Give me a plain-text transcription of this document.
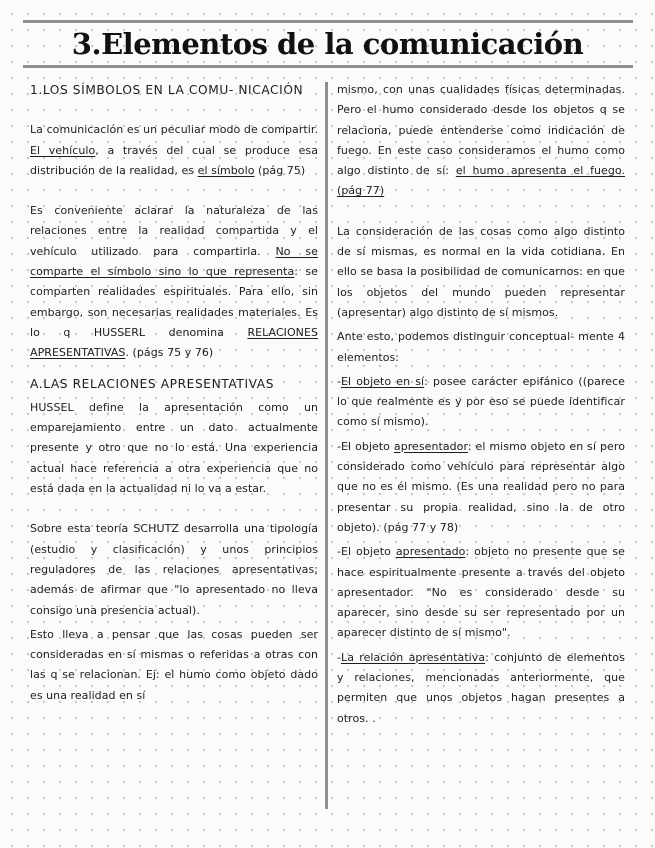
3.Elementos de la comunicación

1.LOS SÍMBOLOS EN LA COMU- NICACIÓN

La comunicación es un peculiar modo de compartir. El vehículo, a través del cual se produce esa distribución de la realidad, es el símbolo (pág 75)

Es conveniente aclarar la naturaleza de las relaciones entre la realidad compartida y el vehículo utilizado para compartirla. No se comparte el símbolo sino lo que representa: se comparten realidades espirituales. Para ello, sin embargo, son necesarias realidades materiales. Es lo q HUSSERL denomina RELACIONES APRESENTATIVAS. (págs 75 y 76)

A.LAS RELACIONES APRESENTATIVAS

HUSSEL define la apresentación como un emparejamiento entre un dato actualmente presente y otro que no lo está. Una experiencia actual hace referencia a otra experiencia que no está dada en la actualidad ni lo va a estar.

Sobre esta teoría SCHUTZ desarrolla una tipología (estudio y clasificación) y unos principios reguladores de las relaciones apresentativas; además de afirmar que "lo apresentado no lleva consigo una presencia actual).

Esto lleva a pensar que las cosas pueden ser consideradas en sí mismas o referidas a otras con las q se relacionan. Ej: el humo como objeto dado es una realidad en sí

mismo, con unas cualidades físicas determinadas. Pero el humo considerado desde los objetos q se relaciona, puede entenderse como indicación de fuego. En este caso consideramos el humo como algo distinto de sí: el humo apresenta el fuego. (pág 77)

La consideración de las cosas como algo distinto de sí mismas, es normal en la vida cotidiana. En ello se basa la posibilidad de comunicarnos: en que los objetos del mundo pueden representar (apresentar) algo distinto de sí mismos.

Ante esto, podemos distinguir conceptual- mente 4 elementos:

-El objeto en sí: posee carácter epifánico ((parece lo que realmente es y por eso se puede identificar como sí mismo).

-El objeto apresentador: el mismo objeto en sí pero considerado como vehículo para representar algo que no es él mismo. (Es una realidad pero no para presentar su propia realidad, sino la de otro objeto). (pág 77 y 78)

-El objeto apresentado: objeto no presente que se hace espiritualmente presente a través del objeto apresentador. "No es considerado desde su aparecer, sino desde su ser representado por un aparecer distinto de sí mismo".

-La relación apresentativa: conjunto de elementos y relaciones, mencionadas anteriormente, que permiten que unos objetos hagan presentes a otros. .
